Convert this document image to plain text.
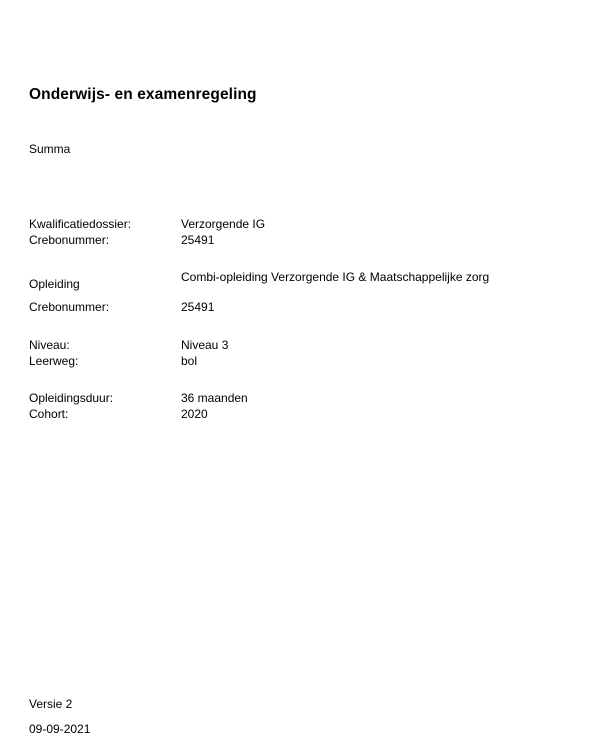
Onderwijs- en examenregeling
Summa
Kwalificatiedossier:	Verzorgende IG
Crebonummer:	25491
Opleiding	Combi-opleiding Verzorgende IG & Maatschappelijke zorg
Crebonummer:	25491
Niveau:	Niveau 3
Leerweg:	bol
Opleidingsduur:	36 maanden
Cohort:	2020
Versie 2
09-09-2021
